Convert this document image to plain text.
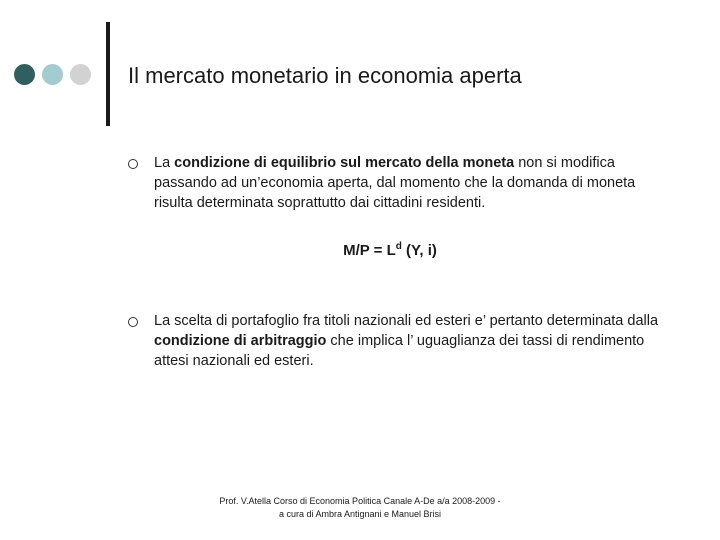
Il mercato monetario in economia aperta
La condizione di equilibrio sul mercato della moneta non si modifica passando ad un’economia aperta, dal momento che la domanda di moneta risulta determinata soprattutto dai cittadini residenti.
$M/P = L^d$ (Y, i)
La scelta di portafoglio fra titoli nazionali ed esteri e’ pertanto determinata dalla condizione di arbitraggio che implica l’ uguaglianza dei tassi di rendimento attesi nazionali ed esteri.
Prof. V.Atella Corso di Economia Politica Canale A-De a/a 2008-2009 -
a cura di Ambra Antignani e Manuel Brisi
